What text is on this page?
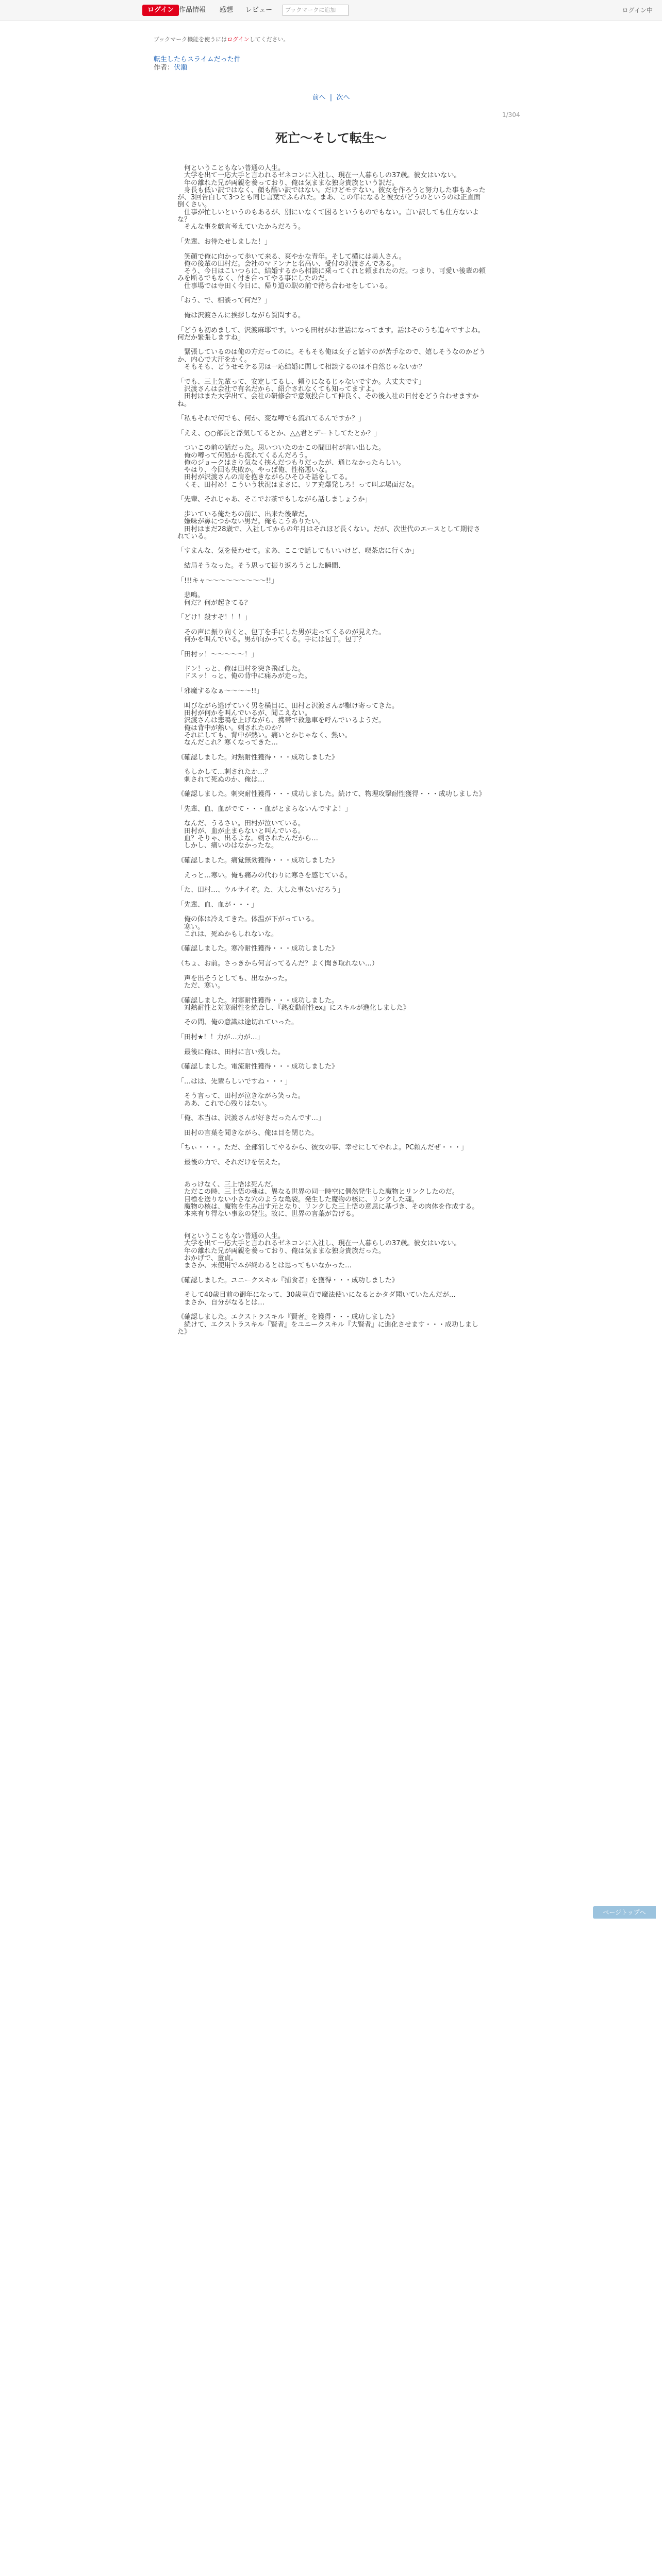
ログイン 作品情報 感想 レビュー	ブックマークに追加	ログイン中
ブックマーク機能を使うにはログインしてください。
転生したらスライムだった件
作者：伏瀬
前へ  |  次へ
1/304
死亡～そして転生～

　何ということもない普通の人生。

　大学を出て一応大手と言われるゼネコンに入社し、現在一人暮らしの37歳。彼女はいない。

　年の離れた兄が両親を養っており、俺は気ままな独身貴族という訳だ。

　身長も低い訳ではなく、顔も酷い訳ではない。だけどモテない。彼女を作ろうと努力した事もあったが、3回告白して3つとも同じ言葉でふられた。まあ、この年になると彼女がどうのというのは正直面倒くさい。

　仕事が忙しいというのもあるが、別にいなくて困るというものでもない。言い訳しても仕方ないよな？

　そんな事を戯言考えていたからだろう。

「先輩、お待たせしました！」

　笑顔で俺に向かって歩いて来る、爽やかな青年。そして横には美人さん。

　俺の後輩の田村だ。会社のマドンナと名高い、受付の沢渡さんである。

　そう、今日はこいつらに、結婚するから相談に乗ってくれと頼まれたのだ。つまり、可愛い後輩の頼みを断るでもなく、付き合ってやる事にしたのだ。

　仕事場では寺田く今日に、帰り道の駅の前で待ち合わせをしている。

「おう、で、相談って何だ？」

　俺は沢渡さんに挨拶しながら質問する。

「どうも初めまして、沢渡麻耶です。いつも田村がお世話になってます。話はそのうち追々ですよね。何だか緊張しますね」

　緊張しているのは俺の方だってのに。そもそも俺は女子と話すのが苦手なので、嬉しそうなのかどうか、内心で大汗をかく。

　そもそも、どうせモテる男は一応結婚に関して相談するのは不自然じゃないか？

「でも、三上先輩って、安定してるし、頼りになるじゃないですか。大丈夫です」

　沢渡さんは会社で有名だから、紹介されなくても知ってますよ。

　田村はまた大学出て、会社の研修会で意気投合して仲良く、その後入社の日付をどう合わせますかね。

「私もそれで何でも、何か、変な噂でも流れてるんですか？」

「ええ、○○部長と浮気してるとか、△△君とデートしてたとか？」

　ついこの前の話だった。思いついたのかこの間田村が言い出した。

　俺の噂って何処から流れてくるんだろう。

　俺のジョークはさり気なく挟んだつもりだったが、通じなかったらしい。

　やはり、今回も失敗か。やっぱ俺、性格悪いな。

　田村が沢渡さんの肩を抱きながらひそひそ話をしてる。

　くそ、田村め！こういう状況はまさに、リア充爆発しろ！って叫ぶ場面だな。

「先輩、それじゃあ、そこでお茶でもしながら話しましょうか」

　歩いている俺たちの前に、出来た後輩だ。

　嫌味が鼻につかない男だ。俺もこうありたい。

　田村はまだ28歳で、入社してからの年月はそれほど長くない。だが、次世代のエースとして期待されている。

「すまんな、気を使わせて。まあ、ここで話してもいいけど、喫茶店に行くか」

　結局そうなった。そう思って振り返ろうとした瞬間、

「!!!キャ～～～～～～～～～!!」

　悲鳴。

　何だ？何が起きてる？

「どけ！殺すぞ！！！」

　その声に振り向くと、包丁を手にした男が走ってくるのが見えた。

　何かを叫んでいる。男が向かってくる。手には包丁。包丁？

「田村ッ！～～～～～！」

　ドン！っと、俺は田村を突き飛ばした。

　ドスッ！っと、俺の背中に痛みが走った。

「邪魔するなぁ～～～～!!」

　叫びながら逃げていく男を横目に、田村と沢渡さんが駆け寄ってきた。

　田村が何かを叫んでいるが、聞こえない。

　沢渡さんは悲鳴を上げながら、携帯で救急車を呼んでいるようだ。

　俺は背中が熱い。刺されたのか？

　それにしても、背中が熱い。痛いとかじゃなく、熱い。

　なんだこれ？寒くなってきた…

《確認しました。対熱耐性獲得・・・成功しました》

　もしかして…刺されたか…？

　刺されて死ぬのか、俺は…

《確認しました。刺突耐性獲得・・・成功しました。続けて、物理攻撃耐性獲得・・・成功しました》

「先輩、血、血がでて・・・血がとまらないんですよ！」

　なんだ、うるさい。田村が泣いている。

　田村が、血が止まらないと叫んでいる。

　血？そりゃ、出るよな。刺されたんだから…

　しかし、痛いのはなかったな。

《確認しました。痛覚無効獲得・・・成功しました》

　えっと…寒い。俺も痛みの代わりに寒さを感じている。

「た、田村…、ウルサイぞ。た、大した事ないだろう」

「先輩、血、血が・・・」

　俺の体は冷えてきた。体温が下がっている。

　寒い。

　これは、死ぬかもしれないな。

《確認しました。寒冷耐性獲得・・・成功しました》

（ちょ、お前。さっきから何言ってるんだ？よく聞き取れない…）

　声を出そうとしても、出なかった。

　ただ、寒い。

《確認しました。対寒耐性獲得・・・成功しました。

　対熱耐性と対寒耐性を統合し、『熱変動耐性ex』にスキルが進化しました》

　その間、俺の意識は途切れていった。

「田村★！！力が…力が…」

　最後に俺は、田村に言い残した。

《確認しました。電流耐性獲得・・・成功しました》

「…はは、先輩らしいですね・・・」

　そう言って、田村が泣きながら笑った。

　ああ、これで心残りはない。

「俺、本当は、沢渡さんが好きだったんです…」

　田村の言葉を聞きながら、俺は目を閉じた。

「ちぃ・・・。ただ、全部消してやるから、彼女の事、幸せにしてやれよ。PC頼んだぜ・・・」

　最後の力で、それだけを伝えた。

　あっけなく、三上悟は死んだ。

　ただこの時、三上悟の魂は、異なる世界の同一時空に偶然発生した魔物とリンクしたのだ。

　目標を送りない小さな穴のような亀裂。発生した魔物の核に、リンクした魂。

　魔物の核は、魔物を生み出す元となり、リンクした三上悟の意思に基づき、その肉体を作成する。

　本来有り得ない事象の発生。故に、世界の言葉が告げる。

　何ということもない普通の人生。

　大学を出て一応大手と言われるゼネコンに入社し、現在一人暮らしの37歳。彼女はいない。

　年の離れた兄が両親を養っており、俺は気ままな独身貴族だった。

　おかげで、童貞。

　まさか、未使用で本が終わるとは思ってもいなかった…

《確認しました。ユニークスキル『捕食者』を獲得・・・成功しました》

　そして40歳目前の御年になって、30歳童貞で魔法使いになるとかタダ聞いていたんだが…

　まさか、自分がなるとは…

《確認しました。エクストラスキル『賢者』を獲得・・・成功しました》

　続けて、エクストラスキル『賢者』をユニークスキル『大賢者』に進化させます・・・成功しました》

ページトップへ
